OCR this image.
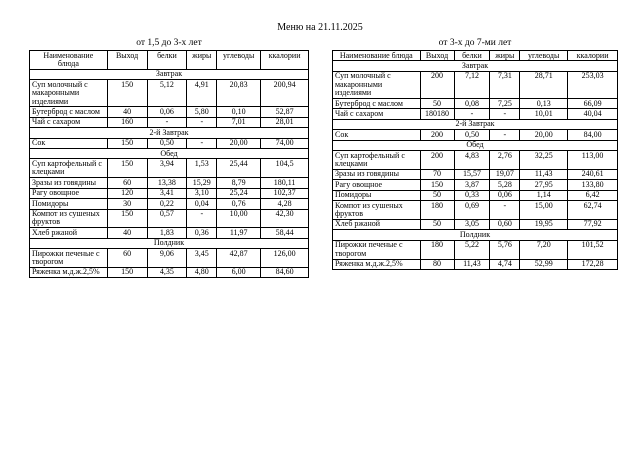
Меню на 21.11.2025
от 1,5 до 3-х лет	от 3-х до 7-ми лет
Наименование блюда	Выход	белки	жиры	углеводы	ккалории
Завтрак					
Суп молочный с макаронными изделиями	150	5,12	4,91	20,83	200,94
Бутерброд с маслом	40	0,06	5,80	0,10	52,87
Чай с сахаром	160	-	-	7,01	28,01
2-й Завтрак					
Сок	150	0,50	-	20,00	74,00
Обед					
Суп картофельный с клецками	150	3,94	1,53	25,44	104,5
Зразы из говядины	60	13,38	15,29	8,79	180,11
Рагу овощное	120	3,41	3,10	25,24	102,37
Помидоры	30	0,22	0,04	0,76	4,28
Компот из сушеных фруктов	150	0,57	-	10,00	42,30
Хлеб ржаной	40	1,83	0,36	11,97	58,44
Полдник					
Пирожки печеные с творогом	60	9,06	3,45	42,87	126,00
Ряженка м.д.ж.2,5%	150	4,35	4,80	6,00	84,60
Наименование блюда	Выход	белки	жиры	углеводы	ккалории
Завтрак					
Суп молочный с макаронными изделиями	200	7,12	7,31	28,71	253,03
Бутерброд с маслом	50	0,08	7,25	0,13	66,09
Чай с сахаром	180180	-	-	10,01	40,04
2-й Завтрак					
Сок	200	0,50	-	20,00	84,00
Обед					
Суп картофельный с клецками	200	4,83	2,76	32,25	113,00
Зразы из говядины	70	15,57	19,07	11,43	240,61
Рагу овощное	150	3,87	5,28	27,95	133,80
Помидоры	50	0,33	0,06	1,14	6,42
Компот из сушеных фруктов	180	0,69	-	15,00	62,74
Хлеб ржаной	50	3,05	0,60	19,95	77,92
Полдник					
Пирожки печеные с творогом	180	5,22	5,76	7,20	101,52
Ряженка м.д.ж.2,5%	80	11,43	4,74	52,99	172,28
